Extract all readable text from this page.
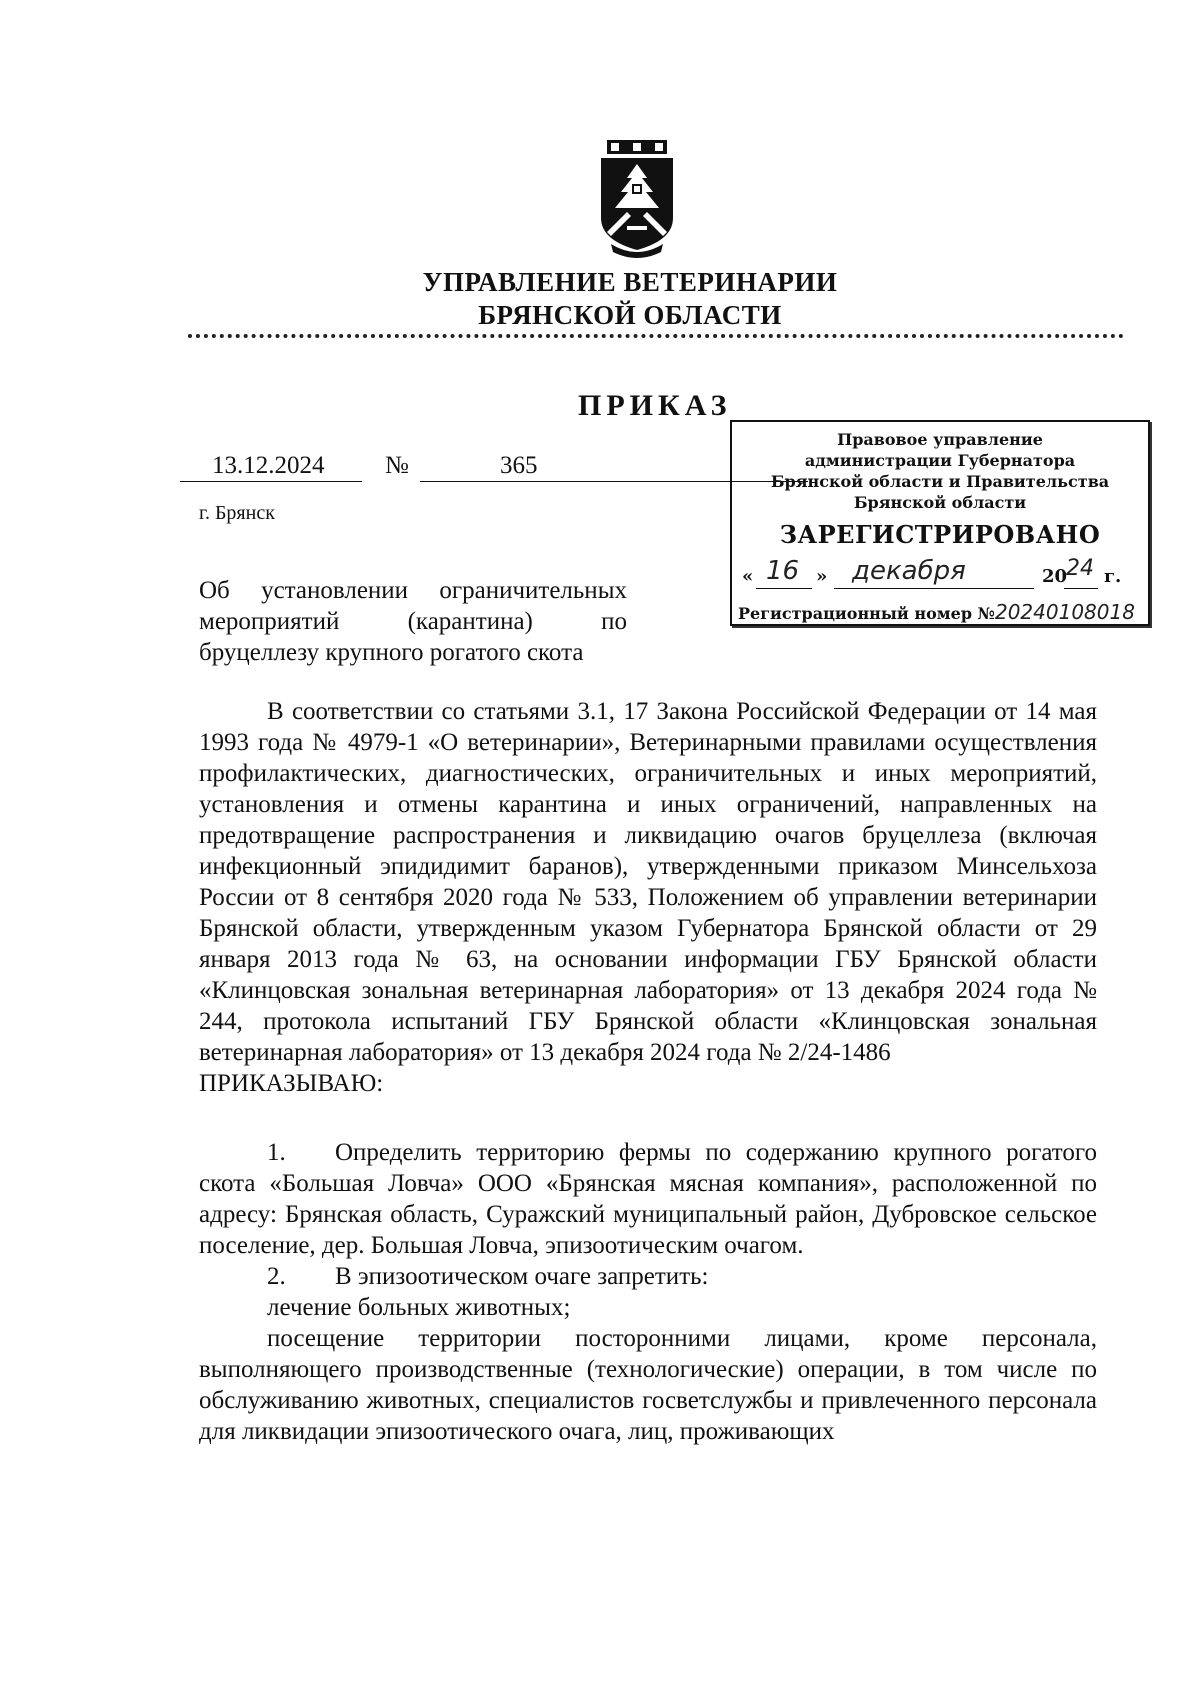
УПРАВЛЕНИЕ ВЕТЕРИНАРИИ
БРЯНСКОЙ ОБЛАСТИ
ПРИКАЗ
13.12.2024 №	365
г. Брянск
Об установлении ограничительных мероприятий (карантина) по бруцеллезу крупного рогатого скота
Правовое управление
администрации Губернатора
Брянской области и Правительства
Брянской области
ЗАРЕГИСТРИРОВАНО
« 16 » декабря	20
24 г.
Регистрационный номер №20240108018

В соответствии со статьями 3.1, 17 Закона Российской Федерации от 14 мая 1993 года № 4979-1 «О ветеринарии», Ветеринарными правилами осуществления профилактических, диагностических, ограничительных и иных мероприятий, установления и отмены карантина и иных ограничений, направленных на предотвращение распространения и ликвидацию очагов бруцеллеза (включая инфекционный эпидидимит баранов), утвержденными приказом Минсельхоза России от 8 сентября 2020 года № 533, Положением об управлении ветеринарии Брянской области, утвержденным указом Губернатора Брянской области от 29 января 2013 года № 63, на основании информации ГБУ Брянской области «Клинцовская зональная ветеринарная лаборатория» от 13 декабря 2024 года № 244, протокола испытаний ГБУ Брянской области «Клинцовская зональная ветеринарная лаборатория» от 13 декабря 2024 года № 2/24-1486

ПРИКАЗЫВАЮ:

1. Определить территорию фермы по содержанию крупного рогатого скота «Большая Ловча» ООО «Брянская мясная компания», расположенной по адресу: Брянская область, Суражский муниципальный район, Дубровское сельское поселение, дер. Большая Ловча, эпизоотическим очагом.

2. В эпизоотическом очаге запретить:

лечение больных животных;

посещение территории посторонними лицами, кроме персонала, выполняющего производственные (технологические) операции, в том числе по обслуживанию животных, специалистов госветслужбы и привлеченного персонала для ликвидации эпизоотического очага, лиц, проживающих
